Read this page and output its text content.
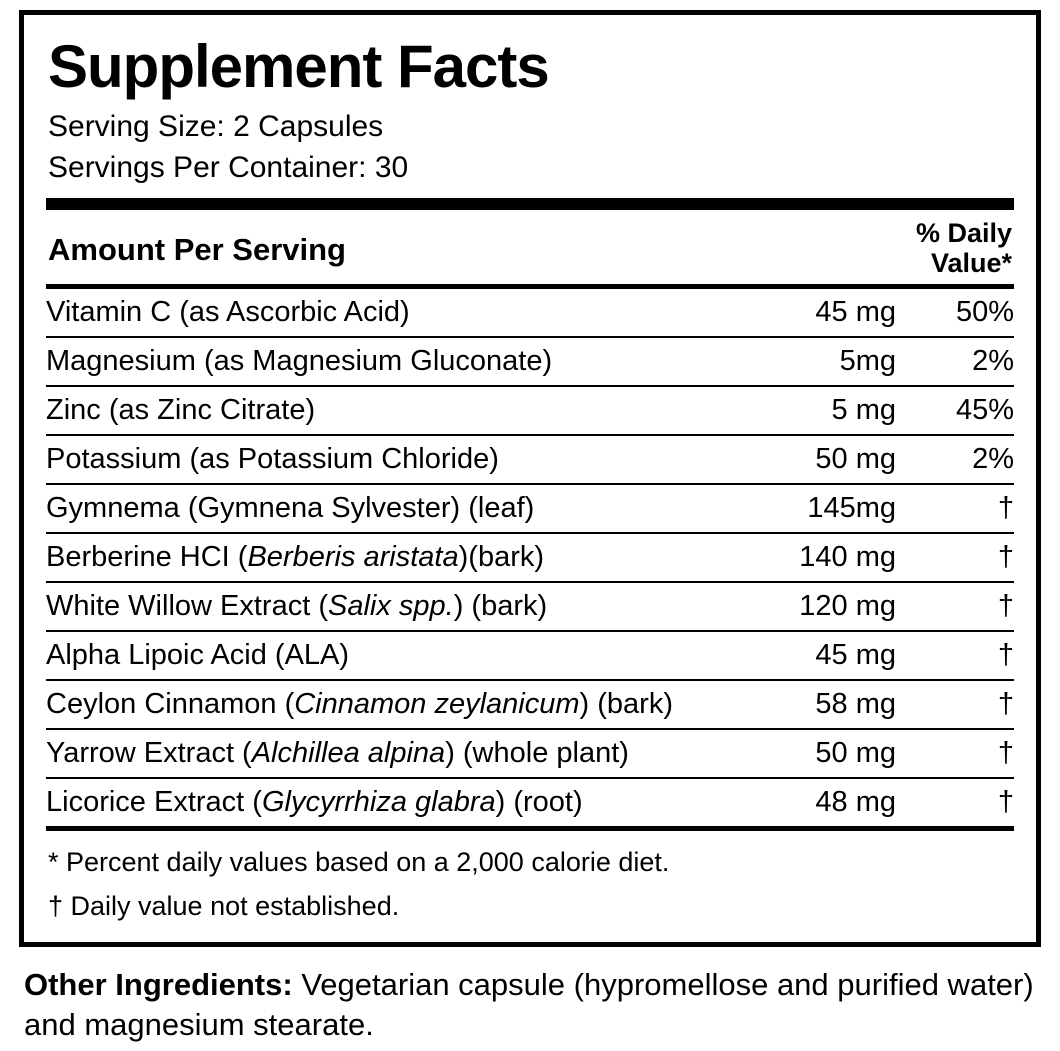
Supplement Facts
Serving Size: 2 Capsules
Servings Per Container: 30
Amount Per Serving	% Daily
Value*
Vitamin C (as Ascorbic Acid)	45 mg	50%
Magnesium (as Magnesium Gluconate)	5mg	2%
Zinc (as Zinc Citrate)	5 mg	45%
Potassium (as Potassium Chloride)	50 mg	2%
Gymnema (Gymnena Sylvester) (leaf)	145mg	†
Berberine HCI (Berberis aristata)(bark)	140 mg	†
White Willow Extract (Salix spp.) (bark)	120 mg	†
Alpha Lipoic Acid (ALA)	45 mg	†
Ceylon Cinnamon (Cinnamon zeylanicum) (bark)	58 mg	†
Yarrow Extract (Alchillea alpina) (whole plant)	50 mg	†
Licorice Extract (Glycyrrhiza glabra) (root)	48 mg	†
* Percent daily values based on a 2,000 calorie diet.
† Daily value not established.
Other Ingredients: Vegetarian capsule (hypromellose and purified water) and magnesium stearate.
